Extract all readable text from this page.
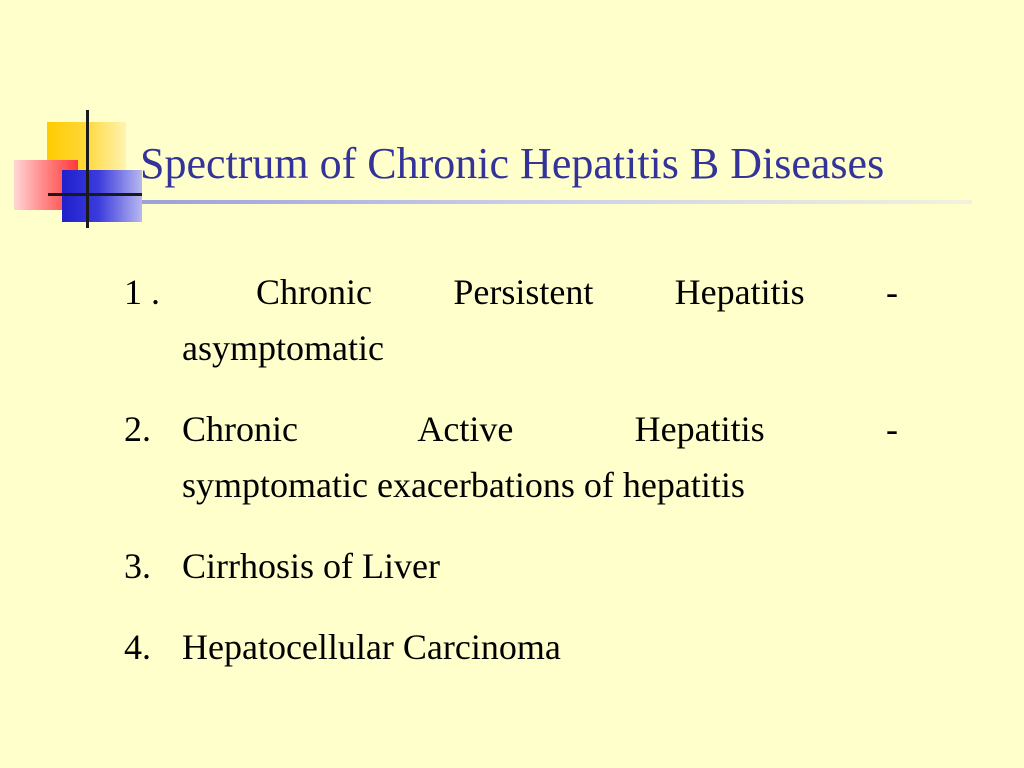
Spectrum of Chronic Hepatitis B Diseases
1 .	Chronic Persistent Hepatitis -
asymptomatic
2. Chronic Active Hepatitis -
symptomatic exacerbations of hepatitis
3. Cirrhosis of Liver
4. Hepatocellular Carcinoma
